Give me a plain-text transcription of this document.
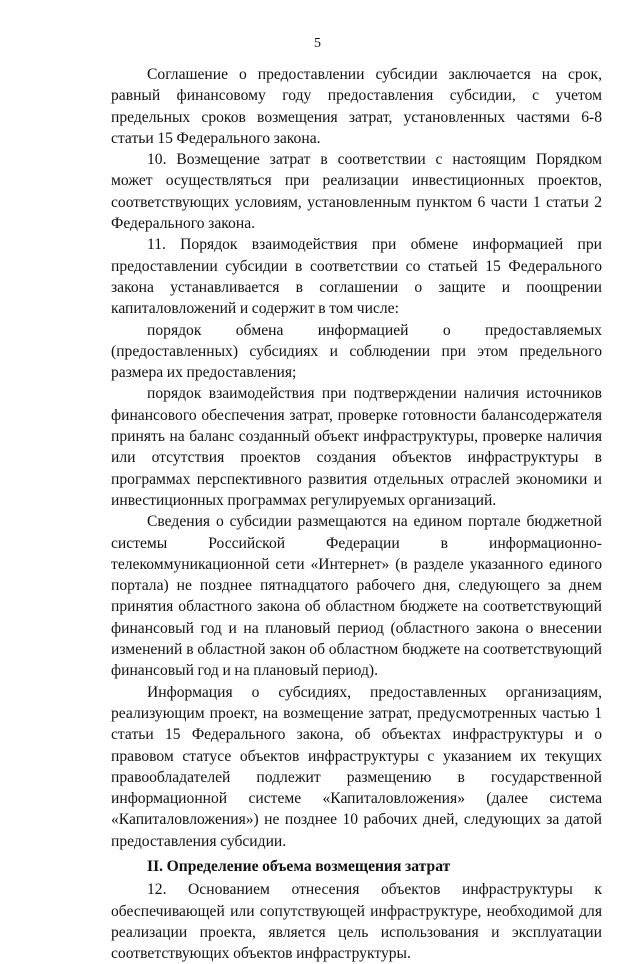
5

Соглашение о предоставлении субсидии заключается на срок, равный финансовому году предоставления субсидии, с учетом предельных сроков возмещения затрат, установленных частями 6-8 статьи 15 Федерального закона.

10. Возмещение затрат в соответствии с настоящим Порядком может осуществляться при реализации инвестиционных проектов, соответствующих условиям, установленным пунктом 6 части 1 статьи 2 Федерального закона.

11. Порядок взаимодействия при обмене информацией при предоставлении субсидии в соответствии со статьей 15 Федерального закона устанавливается в соглашении о защите и поощрении капиталовложений и содержит в том числе:

порядок обмена информацией о предоставляемых (предоставленных) субсидиях и соблюдении при этом предельного размера их предоставления;

порядок взаимодействия при подтверждении наличия источников финансового обеспечения затрат, проверке готовности балансодержателя принять на баланс созданный объект инфраструктуры, проверке наличия или отсутствия проектов создания объектов инфраструктуры в программах перспективного развития отдельных отраслей экономики и инвестиционных программах регулируемых организаций.

Сведения о субсидии размещаются на едином портале бюджетной системы Российской Федерации в информационно-телекоммуникационной сети «Интернет» (в разделе указанного единого портала) не позднее пятнадцатого рабочего дня, следующего за днем принятия областного закона об областном бюджете на соответствующий финансовый год и на плановый период (областного закона о внесении изменений в областной закон об областном бюджете на соответствующий финансовый год и на плановый период).

Информация о субсидиях, предоставленных организациям, реализующим проект, на возмещение затрат, предусмотренных частью 1 статьи 15 Федерального закона, об объектах инфраструктуры и о правовом статусе объектов инфраструктуры с указанием их текущих правообладателей подлежит размещению в государственной информационной системе «Капиталовложения» (далее система «Капиталовложения») не позднее 10 рабочих дней, следующих за датой предоставления субсидии.

II. Определение объема возмещения затрат

12. Основанием отнесения объектов инфраструктуры к обеспечивающей или сопутствующей инфраструктуре, необходимой для реализации проекта, является цель использования и эксплуатации соответствующих объектов инфраструктуры.
